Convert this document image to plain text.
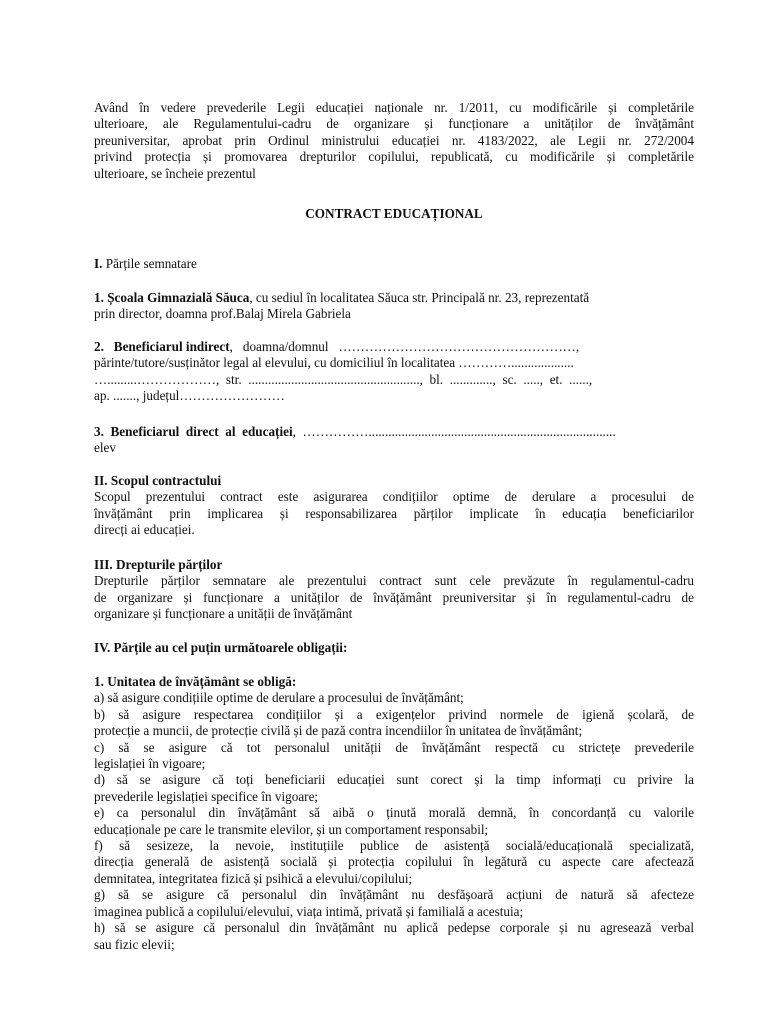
Având în vedere prevederile Legii educației naționale nr. 1/2011, cu modificările și completările
ulterioare, ale Regulamentului-cadru de organizare și funcționare a unităților de învățământ
preuniversitar, aprobat prin Ordinul ministrului educației nr. 4183/2022, ale Legii nr. 272/2004
privind protecția și promovarea drepturilor copilului, republicată, cu modificările și completările
ulterioare, se încheie prezentul
CONTRACT EDUCAȚIONAL
I. Părțile semnatare
1. Școala Gimnazială Săuca, cu sediul în localitatea Săuca str. Principală nr. 23, reprezentată
prin director, doamna prof.Balaj Mirela Gabriela
2.   Beneficiarul indirect,   doamna/domnul   ………………………………………………,
părinte/tutore/susținător legal al elevului, cu domiciliul în localitatea …………...................
….........………………,  str.  ....................................................,  bl.  .............,  sc.  .....,  et.  ......,
ap. ......., județul……………………
3.  Beneficiarul  direct  al  educației,  ……………...........................................................................
elev
II. Scopul contractului
Scopul prezentului contract este asigurarea condițiilor optime de derulare a procesului de
învățământ prin implicarea și responsabilizarea părților implicate în educația beneficiarilor
direcți ai educației.
III. Drepturile părților
Drepturile părților semnatare ale prezentului contract sunt cele prevăzute în regulamentul-cadru
de organizare și funcționare a unităților de învățământ preuniversitar și în regulamentul-cadru de
organizare și funcționare a unității de învățământ
IV. Părțile au cel puțin următoarele obligații:
1. Unitatea de învățământ se obligă:
a) să asigure condițiile optime de derulare a procesului de învățământ;
b) să asigure respectarea condițiilor și a exigențelor privind normele de igienă școlară, de
protecție a muncii, de protecție civilă și de pază contra incendiilor în unitatea de învățământ;
c) să se asigure că tot personalul unității de învățământ respectă cu strictețe prevederile
legislației în vigoare;
d) să se asigure că toți beneficiarii educației sunt corect și la timp informați cu privire la
prevederile legislației specifice în vigoare;
e) ca personalul din învățământ să aibă o ținută morală demnă, în concordanță cu valorile
educaționale pe care le transmite elevilor, și un comportament responsabil;
f) să sesizeze, la nevoie, instituțiile publice de asistență socială/educațională specializată,
direcția generală de asistență socială și protecția copilului în legătură cu aspecte care afectează
demnitatea, integritatea fizică și psihică a elevului/copilului;
g) să se asigure că personalul din învățământ nu desfășoară acțiuni de natură să afecteze
imaginea publică a copilului/elevului, viața intimă, privată și familială a acestuia;
h) să se asigure că personalul din învățământ nu aplică pedepse corporale și nu agresează verbal
sau fizic elevii;
